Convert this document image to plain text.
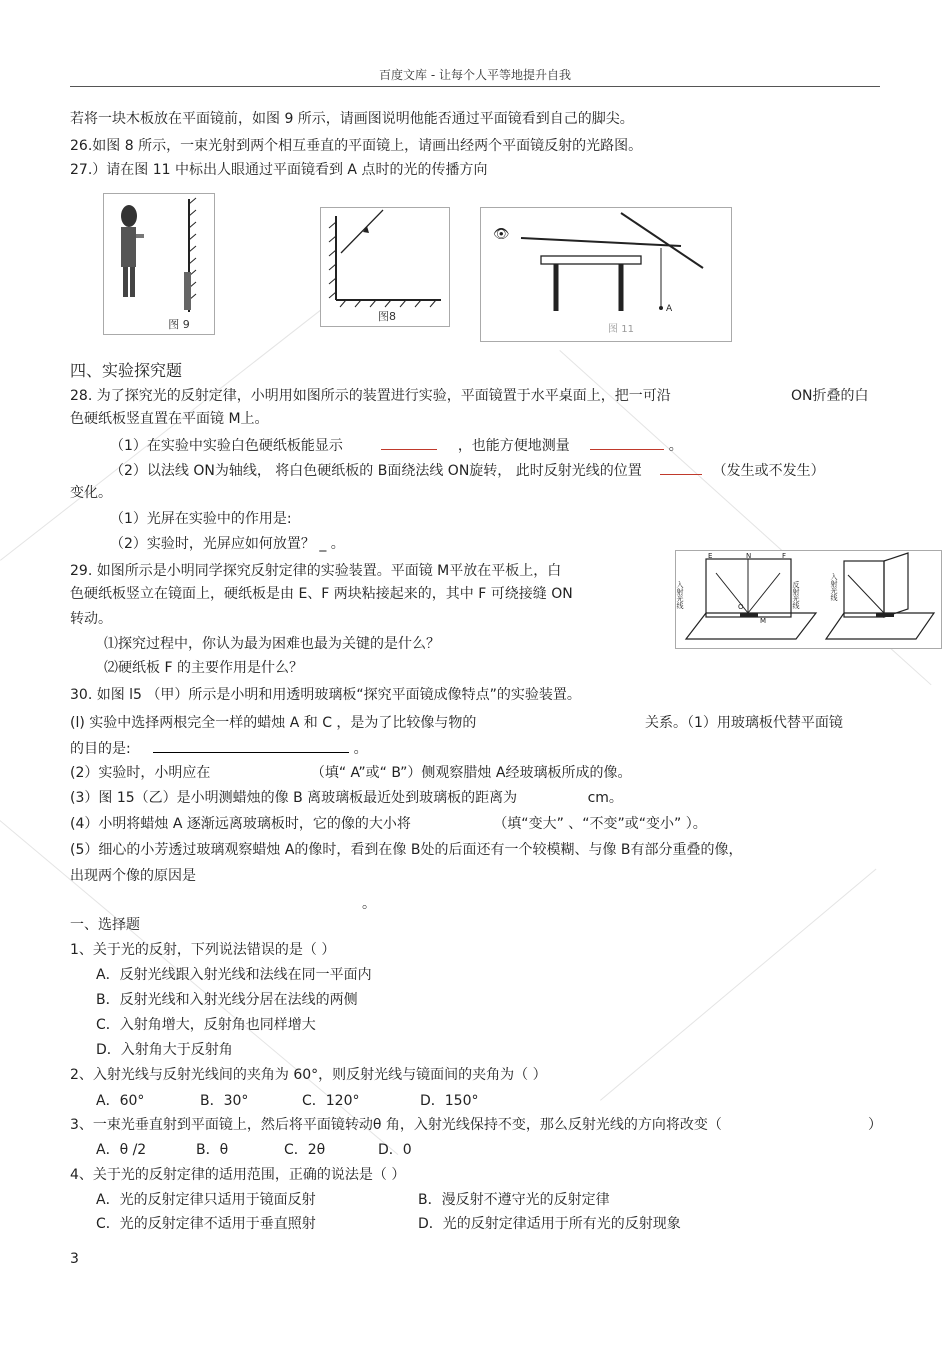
百度文库 - 让每个人平等地提升自我
若将一块木板放在平面镜前，如图 9 所示，请画图说明他能否通过平面镜看到自己的脚尖。
26.如图 8 所示，一束光射到两个相互垂直的平面镜上，请画出经两个平面镜反射的光路图。
27.）请在图 11 中标出人眼通过平面镜看到 A 点时的光的传播方向
图 9
图8
👁
A
图 11
四、实验探究题
28. 为了探究光的反射定律，小明用如图所示的装置进行实验，平面镜置于水平桌面上，把一可沿	ON折叠的白
色硬纸板竖直置在平面镜 M上。
（1）在实验中实验白色硬纸板能显示	，也能方便地测量	。
（2）以法线 ON为轴线， 将白色硬纸板的 B面绕法线 ON旋转， 此时反射光线的位置	（发生或不发生）
变化。
（1）光屏在实验中的作用是:
（2）实验时，光屏应如何放置？ _ 。
E	N	F
O
M
入射光线	反射光线	入射光线
29. 如图所示是小明同学探究反射定律的实验装置。平面镜 M平放在平板上，白
色硬纸板竖立在镜面上，硬纸板是由 E、F 两块粘接起来的，其中 F 可绕接缝 ON
转动。
⑴探究过程中，你认为最为困难也最为关键的是什么？
⑵硬纸板 F 的主要作用是什么？
30. 如图 l5 （甲）所示是小明和用透明玻璃板“探究平面镜成像特点”的实验装置。
(l) 实验中选择两根完全一样的蜡烛 A 和 C ，是为了比较像与物的	关系。（1）用玻璃板代替平面镜
的目的是:	。
(2）实验时，小明应在	（填“ A”或“ B”）侧观察腊烛 A经玻璃板所成的像。
(3）图 15（乙）是小明测蜡烛的像 B 离玻璃板最近处到玻璃板的距离为	cm。
(4）小明将蜡烛 A 逐渐远离玻璃板时，它的像的大小将	（填“变大” 、“不变”或“变小” ）。
(5）细心的小芳透过玻璃观察蜡烛 A的像时，看到在像 B处的后面还有一个较模糊、与像 B有部分重叠的像，
出现两个像的原因是
。
一、选择题
1、关于光的反射，下列说法错误的是（ ）
A．反射光线跟入射光线和法线在同一平面内
B．反射光线和入射光线分居在法线的两侧
C．入射角增大，反射角也同样增大
D．入射角大于反射角
2、入射光线与反射光线间的夹角为 60°，则反射光线与镜面间的夹角为（ ）
A．60°	B．30°	C．120°	D．150°
3、一束光垂直射到平面镜上，然后将平面镜转动θ 角，入射光线保持不变，那么反射光线的方向将改变（	）
A．θ /2	B．θ	C．2θ	D．0
4、关于光的反射定律的适用范围，正确的说法是（ ）
A．光的反射定律只适用于镜面反射	B．漫反射不遵守光的反射定律
C．光的反射定律不适用于垂直照射	D．光的反射定律适用于所有光的反射现象
3
